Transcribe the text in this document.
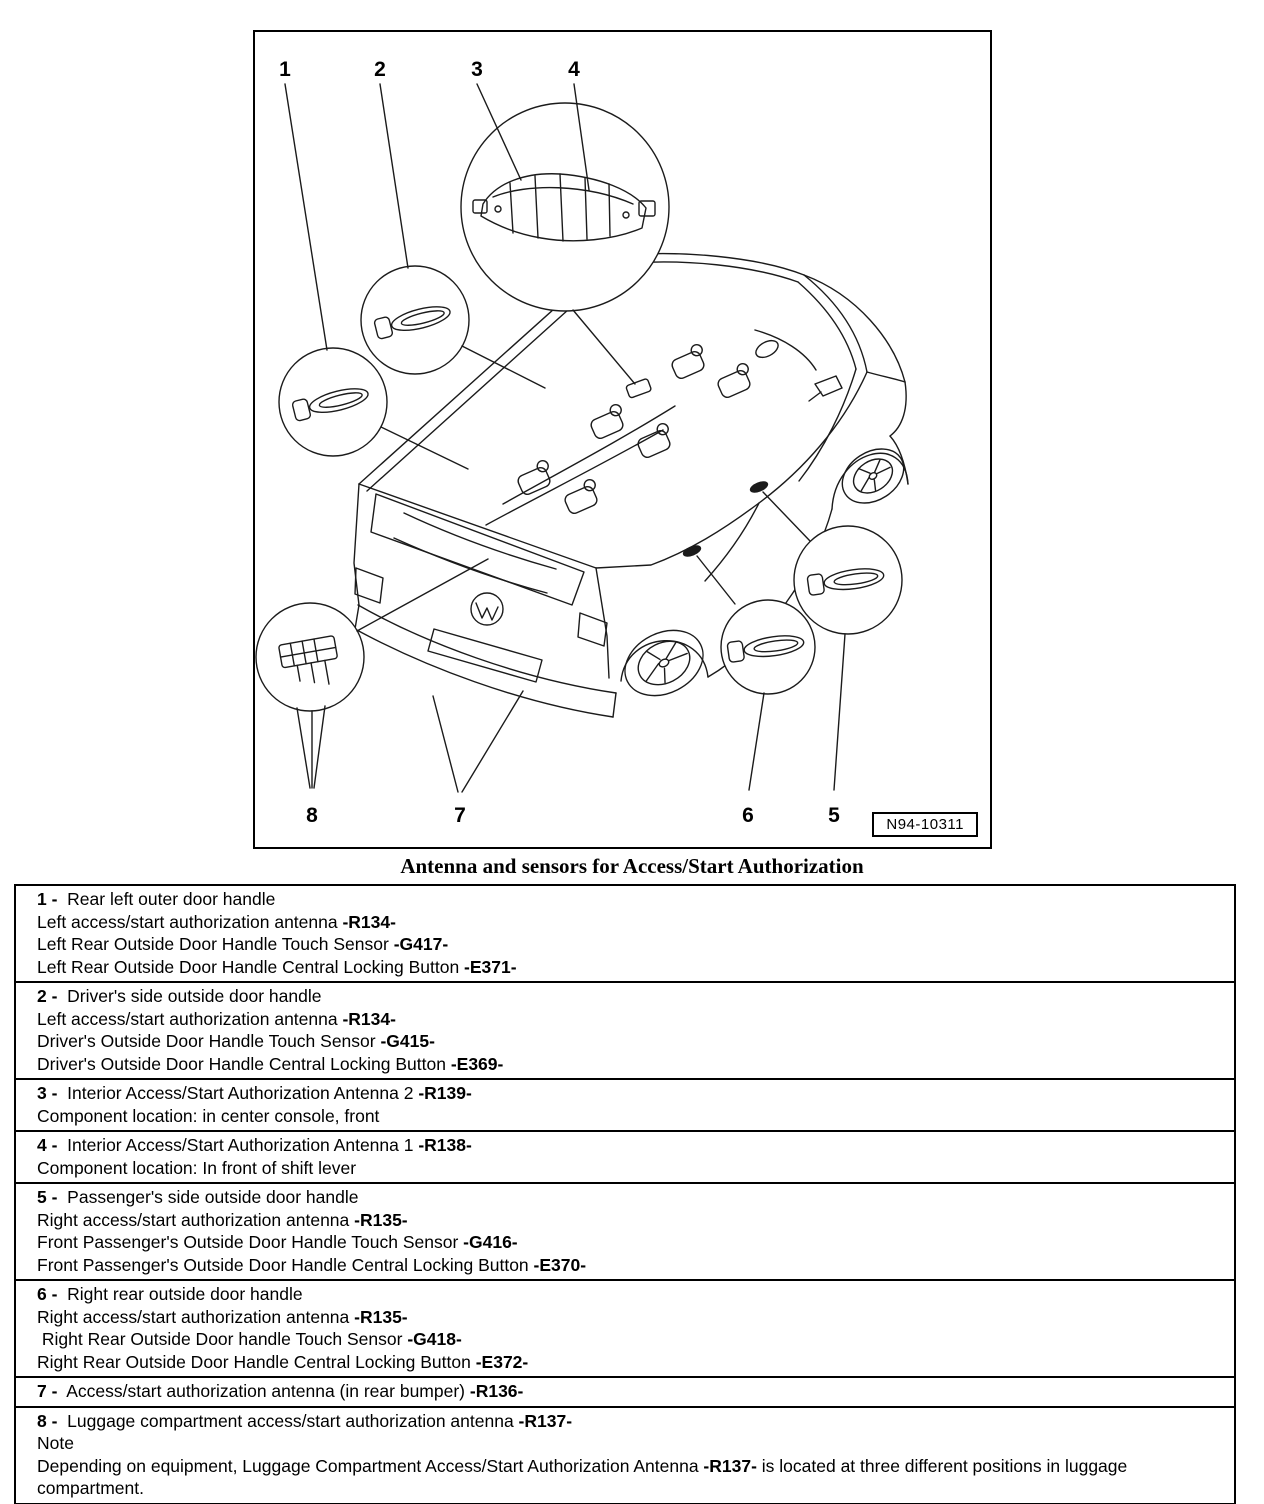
1	2	3	4
5
6
7
8	N94-10311
Antenna and sensors for Access/Start Authorization
1 -  Rear left outer door handle
Left access/start authorization antenna -R134-
Left Rear Outside Door Handle Touch Sensor -G417-
Left Rear Outside Door Handle Central Locking Button -E371-
2 -  Driver's side outside door handle
Left access/start authorization antenna -R134-
Driver's Outside Door Handle Touch Sensor -G415-
Driver's Outside Door Handle Central Locking Button -E369-
3 -  Interior Access/Start Authorization Antenna 2 -R139-
Component location: in center console, front
4 -  Interior Access/Start Authorization Antenna 1 -R138-
Component location: In front of shift lever
5 -  Passenger's side outside door handle
Right access/start authorization antenna -R135-
Front Passenger's Outside Door Handle Touch Sensor -G416-
Front Passenger's Outside Door Handle Central Locking Button -E370-
6 -  Right rear outside door handle
Right access/start authorization antenna -R135-
Right Rear Outside Door handle Touch Sensor -G418-
Right Rear Outside Door Handle Central Locking Button -E372-
7 -  Access/start authorization antenna (in rear bumper) -R136-
8 -  Luggage compartment access/start authorization antenna -R137-
Note
Depending on equipment, Luggage Compartment Access/Start Authorization Antenna -R137- is located at three different positions in luggage compartment.
